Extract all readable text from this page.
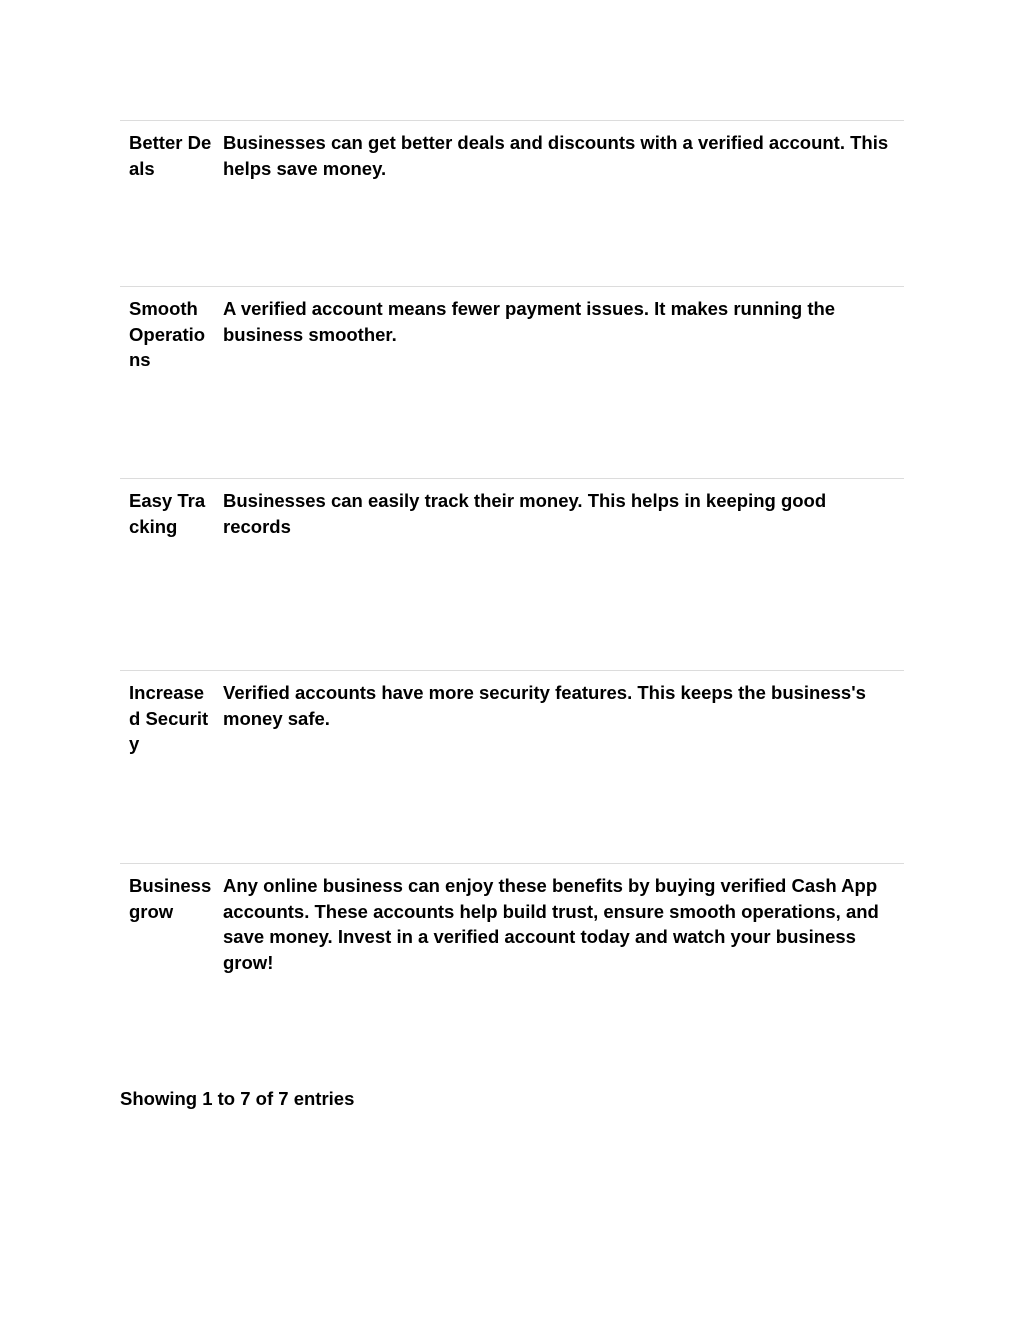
Better Deals
Businesses can get better deals and discounts with a verified account. This helps save money.
Smooth Operations
A verified account means fewer payment issues. It makes running the business smoother.
Easy Tracking
Businesses can easily track their money. This helps in keeping good records
Increased Security
Verified accounts have more security features. This keeps the business's money safe.
Business grow
Any online business can enjoy these benefits by buying verified Cash App accounts. These accounts help build trust, ensure smooth operations, and save money. Invest in a verified account today and watch your business grow!
Showing 1 to 7 of 7 entries
